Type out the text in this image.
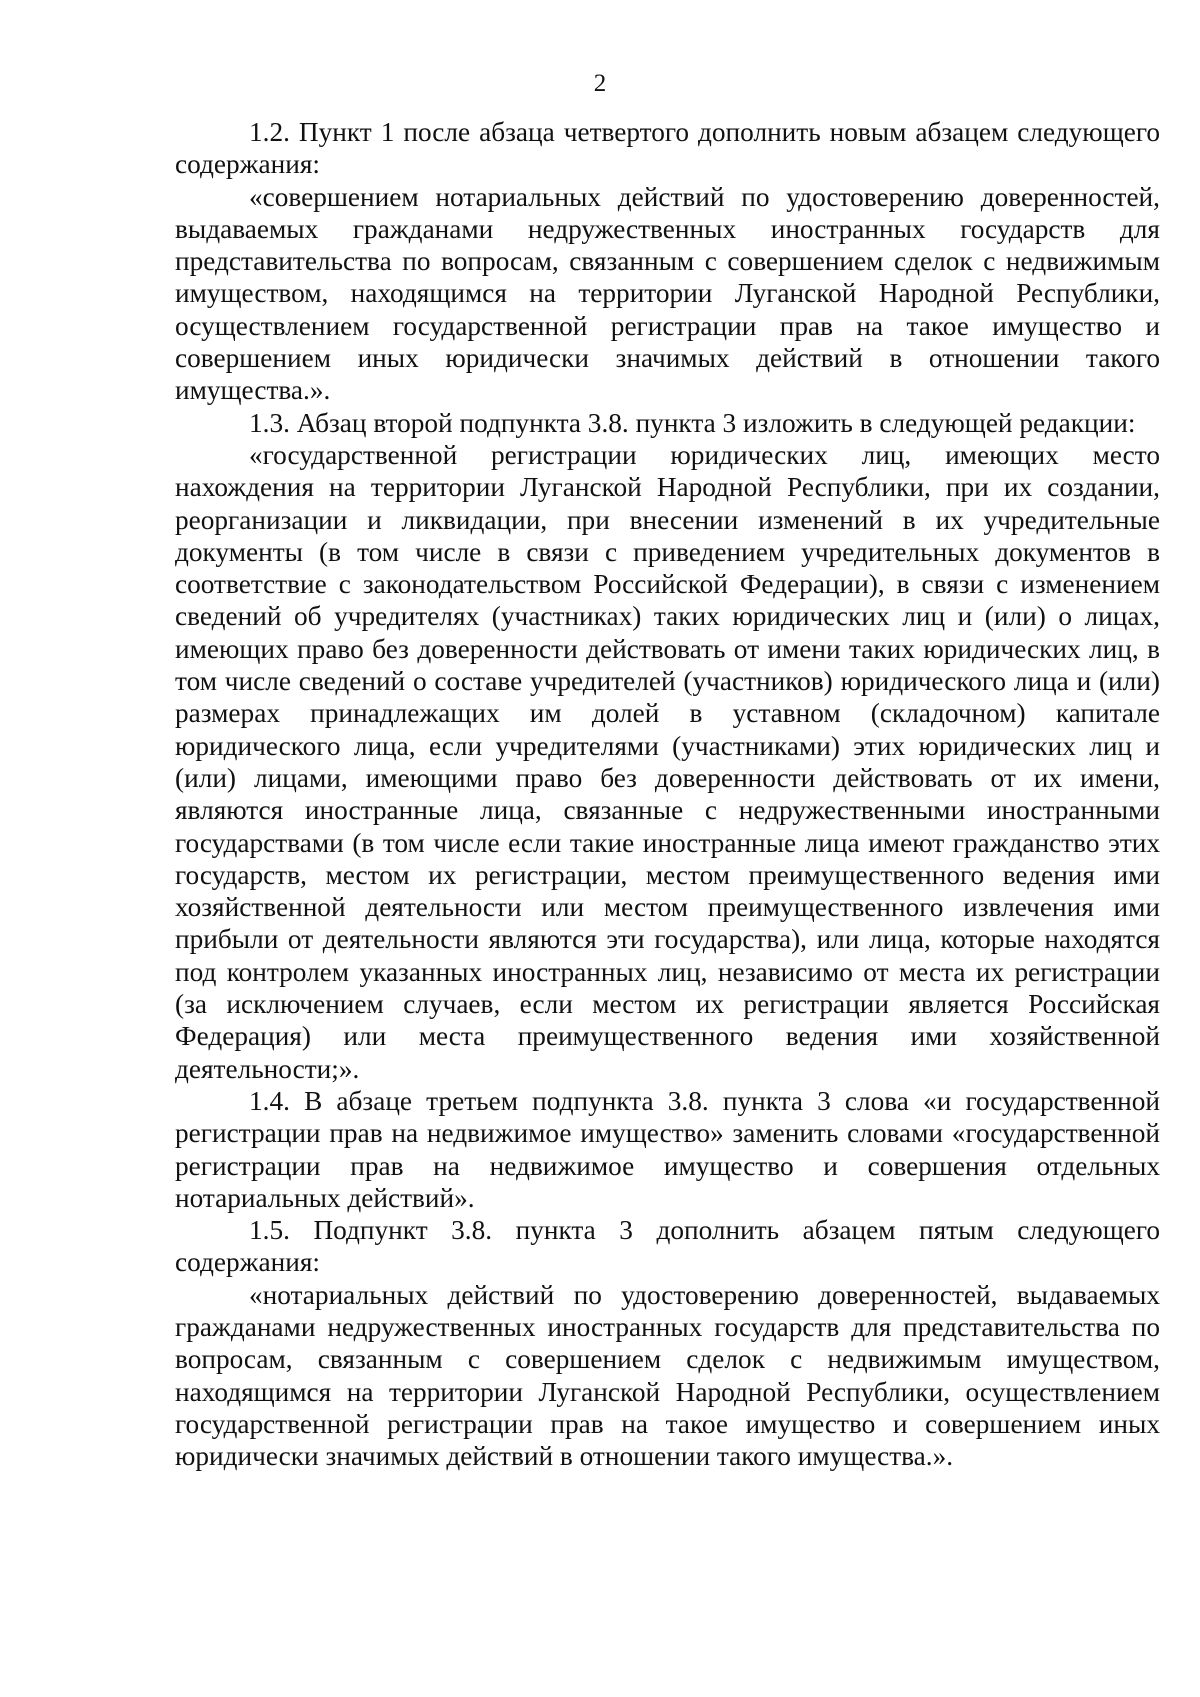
2

1.2. Пункт 1 после абзаца четвертого дополнить новым абзацем следующего содержания:

«совершением нотариальных действий по удостоверению доверенностей, выдаваемых гражданами недружественных иностранных государств для представительства по вопросам, связанным с совершением сделок с недвижимым имуществом, находящимся на территории Луганской Народной Республики, осуществлением государственной регистрации прав на такое имущество и совершением иных юридически значимых действий в отношении такого имущества.».

1.3. Абзац второй подпункта 3.8. пункта 3 изложить в следующей редакции:

«государственной регистрации юридических лиц, имеющих место нахождения на территории Луганской Народной Республики, при их создании, реорганизации и ликвидации, при внесении изменений в их учредительные документы (в том числе в связи с приведением учредительных документов в соответствие с законодательством Российской Федерации), в связи с изменением сведений об учредителях (участниках) таких юридических лиц и (или) о лицах, имеющих право без доверенности действовать от имени таких юридических лиц, в том числе сведений о составе учредителей (участников) юридического лица и (или) размерах принадлежащих им долей в уставном (складочном) капитале юридического лица, если учредителями (участниками) этих юридических лиц и (или) лицами, имеющими право без доверенности действовать от их имени, являются иностранные лица, связанные с недружественными иностранными государствами (в том числе если такие иностранные лица имеют гражданство этих государств, местом их регистрации, местом преимущественного ведения ими хозяйственной деятельности или местом преимущественного извлечения ими прибыли от деятельности являются эти государства), или лица, которые находятся под контролем указанных иностранных лиц, независимо от места их регистрации (за исключением случаев, если местом их регистрации является Российская Федерация) или места преимущественного ведения ими хозяйственной деятельности;».

1.4. В абзаце третьем подпункта 3.8. пункта 3 слова «и государственной регистрации прав на недвижимое имущество» заменить словами «государственной регистрации прав на недвижимое имущество и совершения отдельных нотариальных действий».

1.5. Подпункт 3.8. пункта 3 дополнить абзацем пятым следующего содержания:

«нотариальных действий по удостоверению доверенностей, выдаваемых гражданами недружественных иностранных государств для представительства по вопросам, связанным с совершением сделок с недвижимым имуществом, находящимся на территории Луганской Народной Республики, осуществлением государственной регистрации прав на такое имущество и совершением иных юридически значимых действий в отношении такого имущества.».
